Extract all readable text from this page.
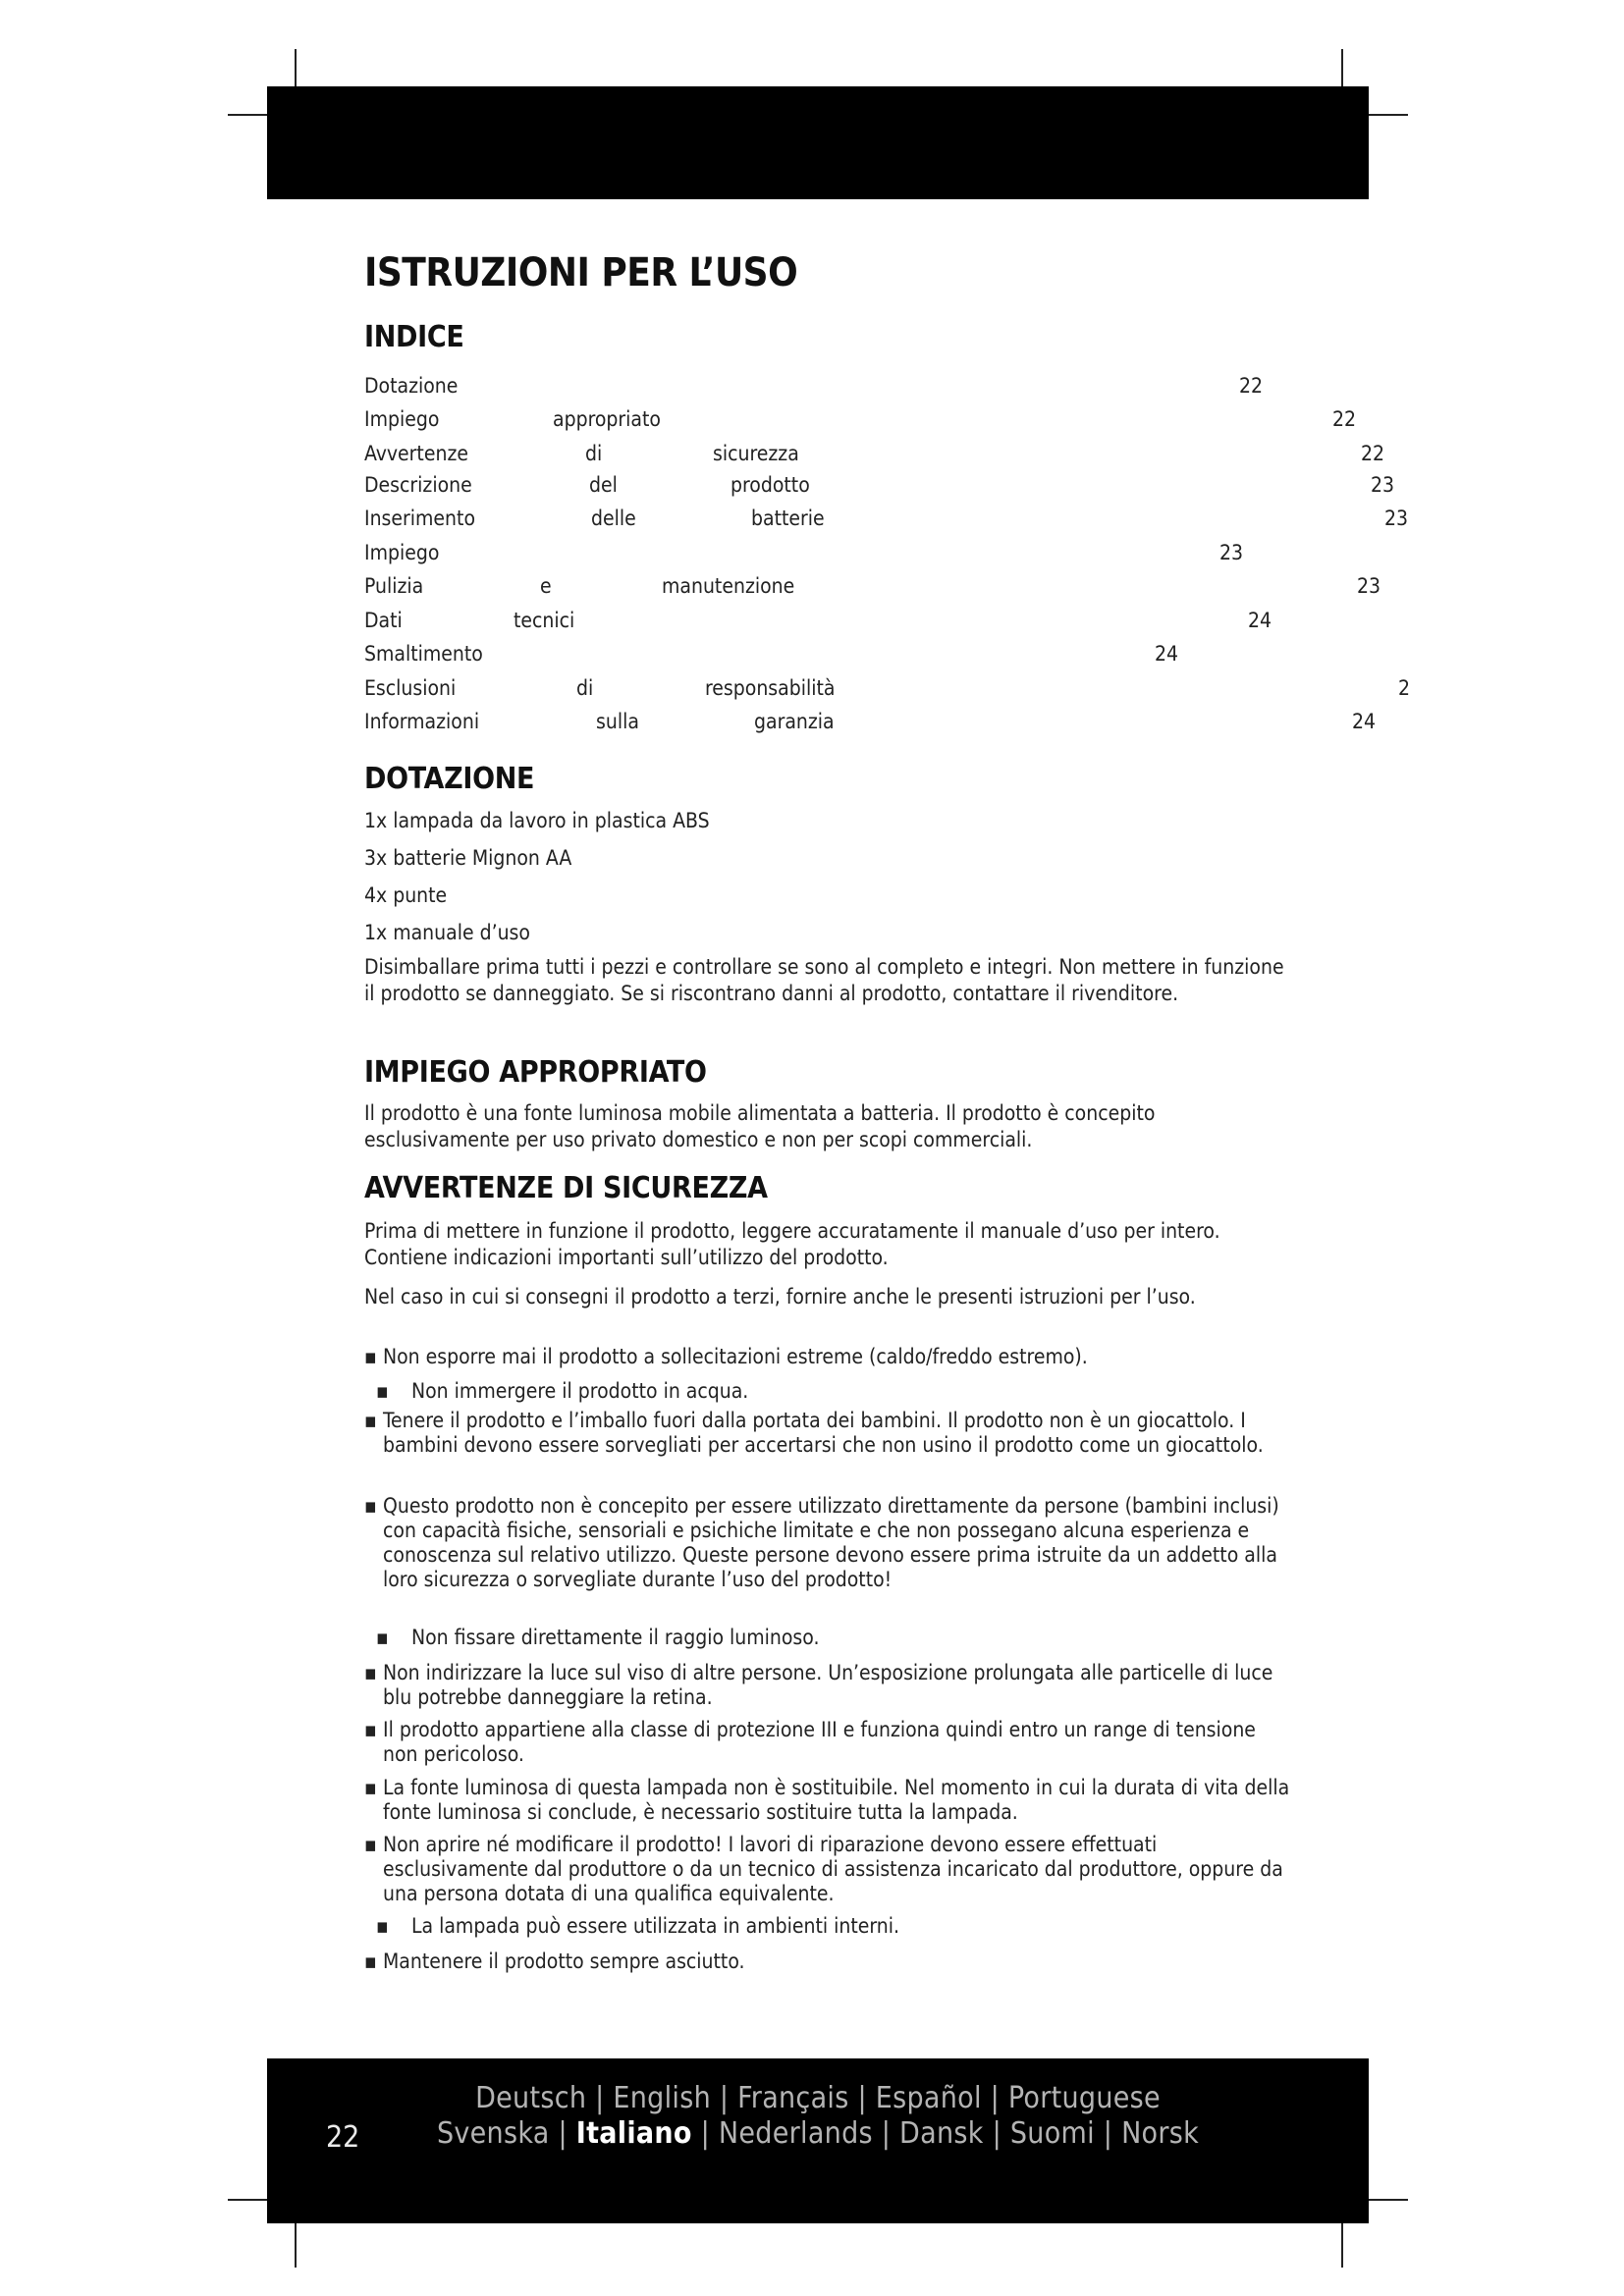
ISTRUZIONI PER L’USO
INDICE
Dotazione	22
Impiego	appropriato	22
Avvertenze	di	sicurezza	22
Descrizione	del	prodotto	23
Inserimento	delle	batterie	23
Impiego	23
Pulizia	e	manutenzione	23
Dati	tecnici	24
Smaltimento	24
Esclusioni	di	responsabilità	2
Informazioni	sulla	garanzia	24
DOTAZIONE
1x lampada da lavoro in plastica ABS
3x batterie Mignon AA
4x punte
1x manuale d’uso
Disimballare prima tutti i pezzi e controllare se sono al completo e integri. Non mettere in funzione il prodotto se danneggiato. Se si riscontrano danni al prodotto, contattare il rivenditore.
IMPIEGO APPROPRIATO
Il prodotto è una fonte luminosa mobile alimentata a batteria. Il prodotto è concepito esclusivamente per uso privato domestico e non per scopi commerciali.
AVVERTENZE DI SICUREZZA
Prima di mettere in funzione il prodotto, leggere accuratamente il manuale d’uso per intero. Contiene indicazioni importanti sull’utilizzo del prodotto.
Nel caso in cui si consegni il prodotto a terzi, fornire anche le presenti istruzioni per l’uso.
▪ Non esporre mai il prodotto a sollecitazioni estreme (caldo/freddo estremo).
▪ Non immergere il prodotto in acqua.
▪ Tenere il prodotto e l’imballo fuori dalla portata dei bambini. Il prodotto non è un giocattolo. I bambini devono essere sorvegliati per accertarsi che non usino il prodotto come un giocattolo.
▪ Questo prodotto non è concepito per essere utilizzato direttamente da persone (bambini inclusi) con capacità fisiche, sensoriali e psichiche limitate e che non possegano alcuna esperienza e conoscenza sul relativo utilizzo. Queste persone devono essere prima istruite da un addetto alla loro sicurezza o sorvegliate durante l’uso del prodotto!
▪ Non fissare direttamente il raggio luminoso.
▪ Non indirizzare la luce sul viso di altre persone. Un’esposizione prolungata alle particelle di luce blu potrebbe danneggiare la retina.
▪ Il prodotto appartiene alla classe di protezione III e funziona quindi entro un range di tensione non pericoloso.
▪ La fonte luminosa di questa lampada non è sostituibile. Nel momento in cui la durata di vita della fonte luminosa si conclude, è necessario sostituire tutta la lampada.
▪ Non aprire né modificare il prodotto! I lavori di riparazione devono essere effettuati esclusivamente dal produttore o da un tecnico di assistenza incaricato dal produttore, oppure da una persona dotata di una qualifica equivalente.
▪ La lampada può essere utilizzata in ambienti interni.
▪ Mantenere il prodotto sempre asciutto.
22
Deutsch | English | Français | Español | Portuguese
Svenska | Italiano | Nederlands | Dansk | Suomi | Norsk
